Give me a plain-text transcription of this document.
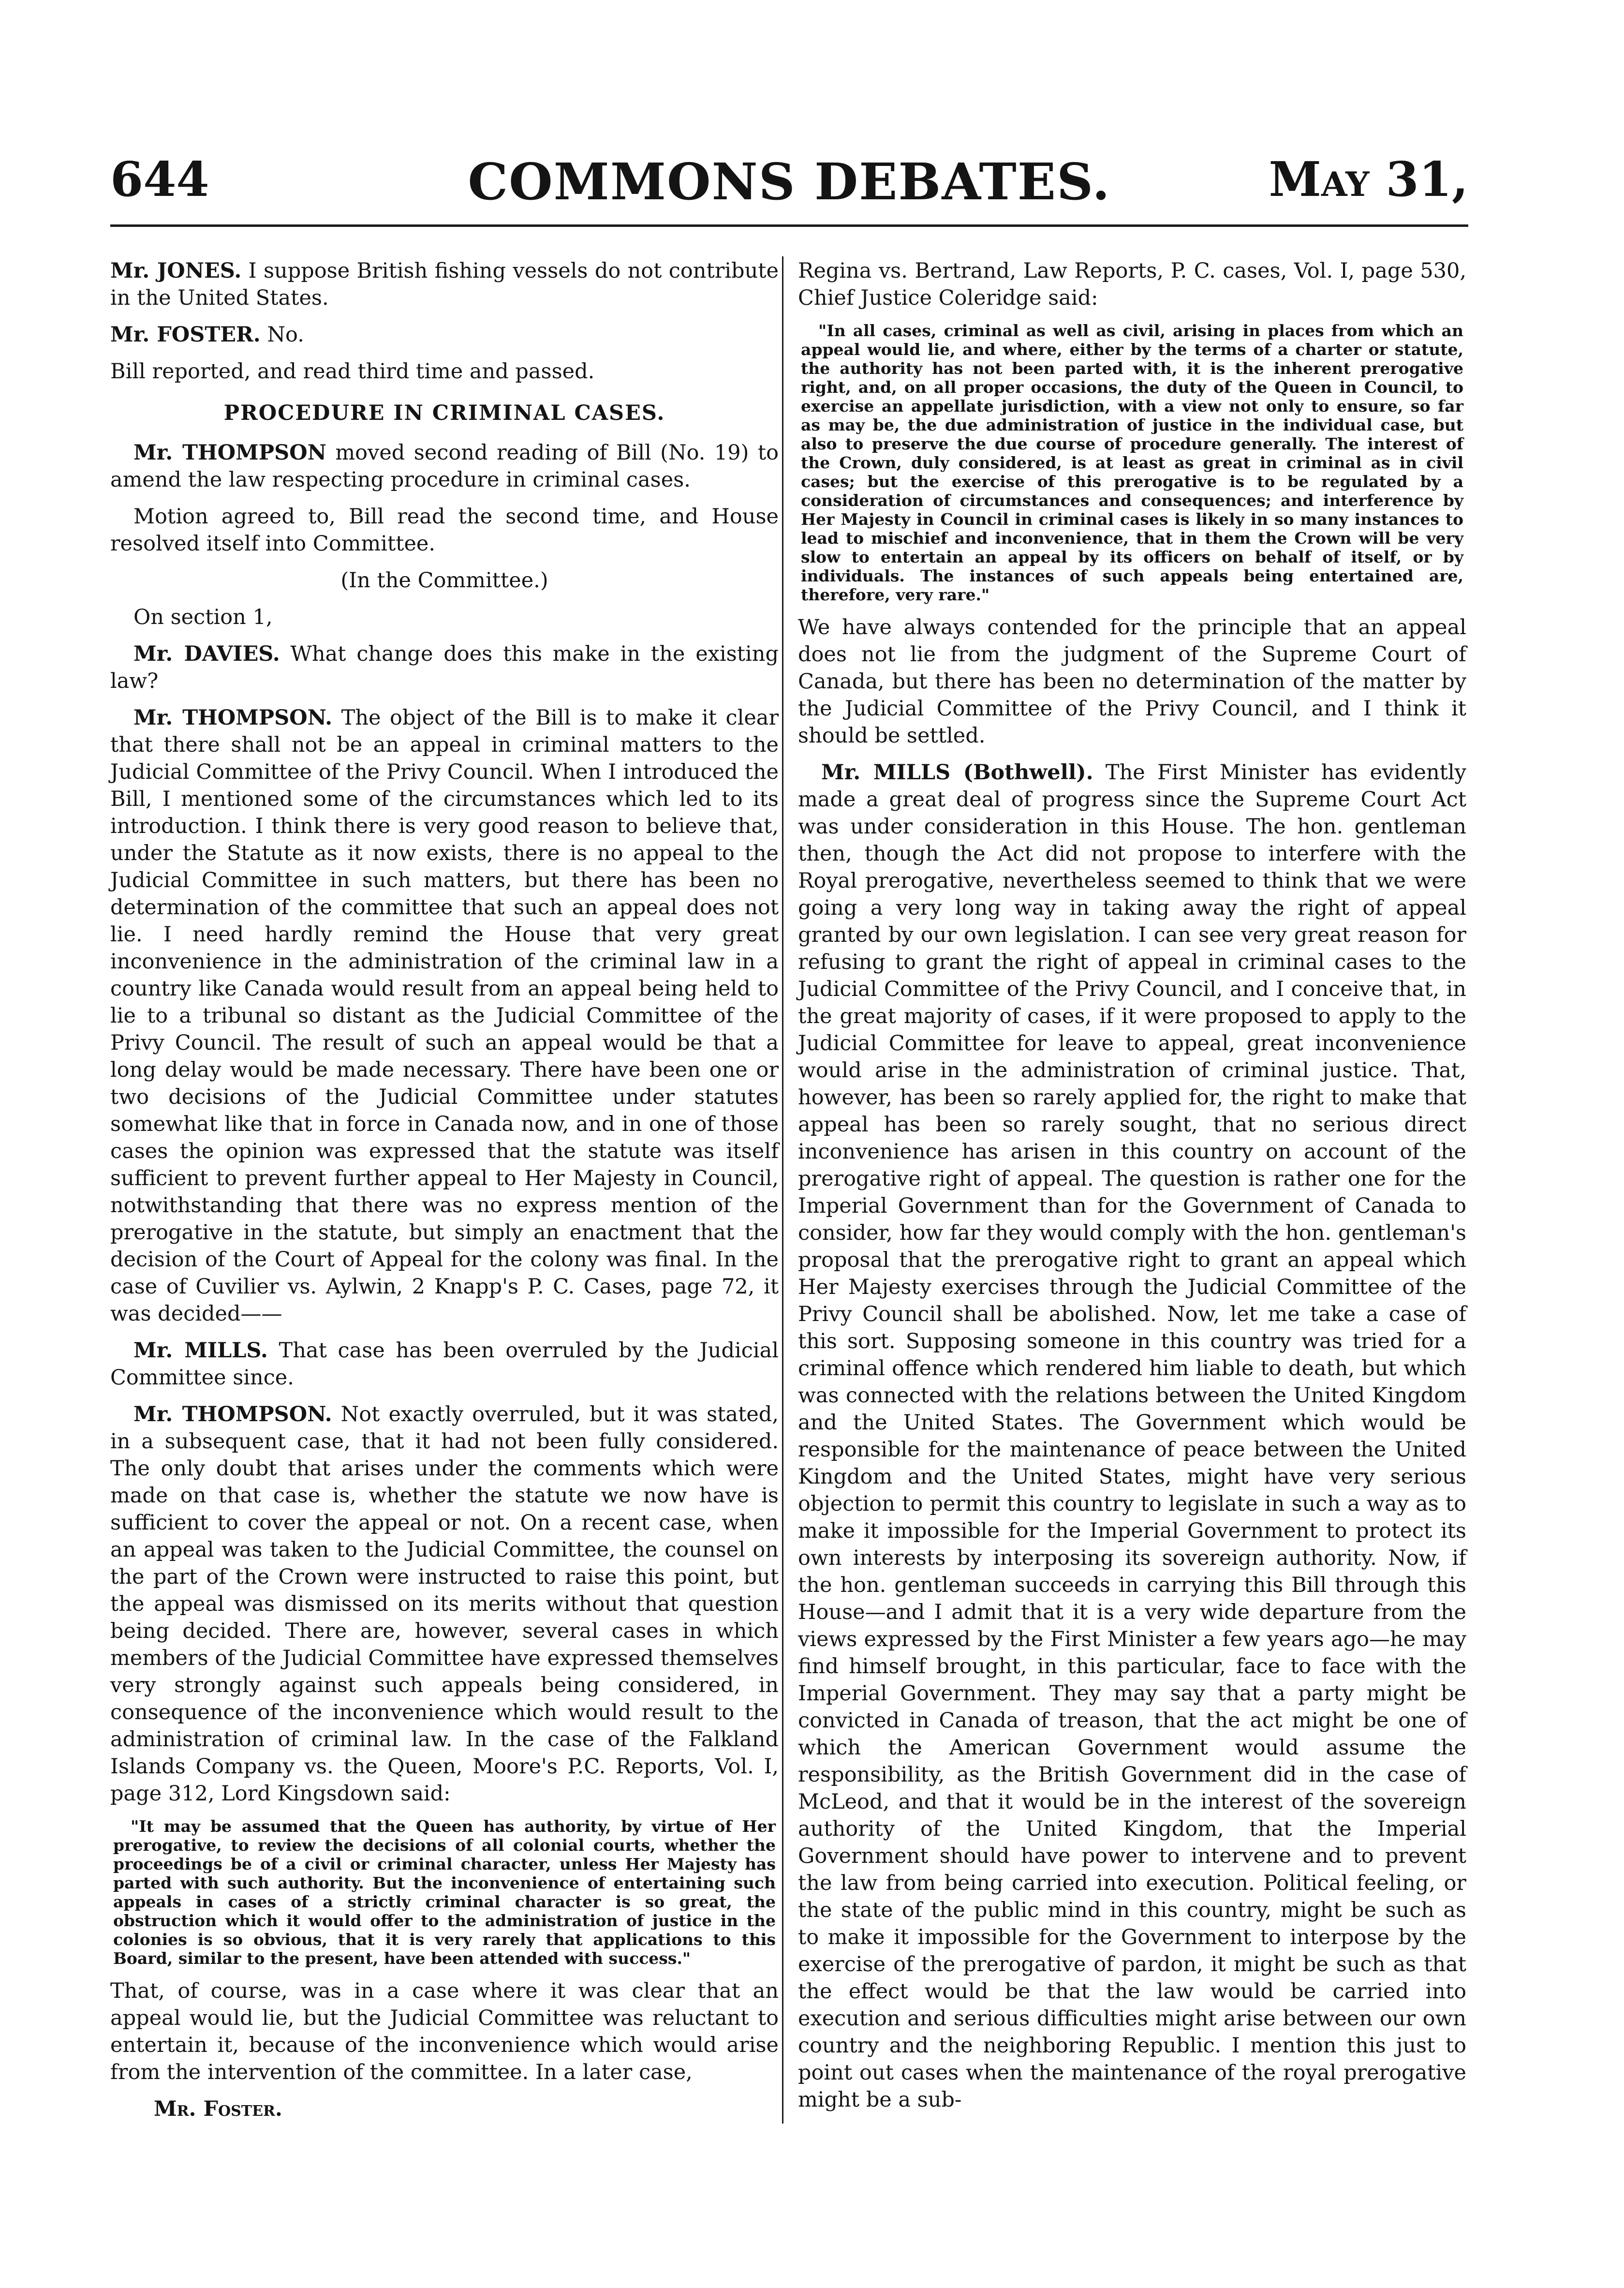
644	COMMONS DEBATES.	May 31,

Mr. JONES. I suppose British fishing vessels do not contribute in the United States.

Mr. FOSTER. No.

Bill reported, and read third time and passed.

PROCEDURE IN CRIMINAL CASES.

Mr. THOMPSON moved second reading of Bill (No. 19) to amend the law respecting procedure in criminal cases.

Motion agreed to, Bill read the second time, and House resolved itself into Committee.

(In the Committee.)

On section 1,

Mr. DAVIES. What change does this make in the existing law?

Mr. THOMPSON. The object of the Bill is to make it clear that there shall not be an appeal in criminal matters to the Judicial Committee of the Privy Council. When I introduced the Bill, I mentioned some of the circumstances which led to its introduction. I think there is very good reason to believe that, under the Statute as it now exists, there is no appeal to the Judicial Committee in such matters, but there has been no determination of the committee that such an appeal does not lie. I need hardly remind the House that very great inconvenience in the administration of the criminal law in a country like Canada would result from an appeal being held to lie to a tribunal so distant as the Judicial Committee of the Privy Council. The result of such an appeal would be that a long delay would be made necessary. There have been one or two decisions of the Judicial Committee under statutes somewhat like that in force in Canada now, and in one of those cases the opinion was expressed that the statute was itself sufficient to prevent further appeal to Her Majesty in Council, notwithstanding that there was no express mention of the prerogative in the statute, but simply an enactment that the decision of the Court of Appeal for the colony was final. In the case of Cuvilier vs. Aylwin, 2 Knapp's P. C. Cases, page 72, it was decided——

Mr. MILLS. That case has been overruled by the Judicial Committee since.

Mr. THOMPSON. Not exactly overruled, but it was stated, in a subsequent case, that it had not been fully considered. The only doubt that arises under the comments which were made on that case is, whether the statute we now have is sufficient to cover the appeal or not. On a recent case, when an appeal was taken to the Judicial Committee, the counsel on the part of the Crown were instructed to raise this point, but the appeal was dismissed on its merits without that question being decided. There are, however, several cases in which members of the Judicial Committee have expressed themselves very strongly against such appeals being considered, in consequence of the inconvenience which would result to the administration of criminal law. In the case of the Falkland Islands Company vs. the Queen, Moore's P.C. Reports, Vol. I, page 312, Lord Kingsdown said:

"It may be assumed that the Queen has authority, by virtue of Her prerogative, to review the decisions of all colonial courts, whether the proceedings be of a civil or criminal character, unless Her Majesty has parted with such authority. But the inconvenience of entertaining such appeals in cases of a strictly criminal character is so great, the obstruction which it would offer to the administration of justice in the colonies is so obvious, that it is very rarely that applications to this Board, similar to the present, have been attended with success."

That, of course, was in a case where it was clear that an appeal would lie, but the Judicial Committee was reluctant to entertain it, because of the inconvenience which would arise from the intervention of the committee. In a later case,

Mr. Foster.

Regina vs. Bertrand, Law Reports, P. C. cases, Vol. I, page 530, Chief Justice Coleridge said:

"In all cases, criminal as well as civil, arising in places from which an appeal would lie, and where, either by the terms of a charter or statute, the authority has not been parted with, it is the inherent prerogative right, and, on all proper occasions, the duty of the Queen in Council, to exercise an appellate jurisdiction, with a view not only to ensure, so far as may be, the due administration of justice in the individual case, but also to preserve the due course of procedure generally. The interest of the Crown, duly considered, is at least as great in criminal as in civil cases; but the exercise of this prerogative is to be regulated by a consideration of circumstances and consequences; and interference by Her Majesty in Council in criminal cases is likely in so many instances to lead to mischief and inconvenience, that in them the Crown will be very slow to entertain an appeal by its officers on behalf of itself, or by individuals. The instances of such appeals being entertained are, therefore, very rare."

We have always contended for the principle that an appeal does not lie from the judgment of the Supreme Court of Canada, but there has been no determination of the matter by the Judicial Committee of the Privy Council, and I think it should be settled.

Mr. MILLS (Bothwell). The First Minister has evidently made a great deal of progress since the Supreme Court Act was under consideration in this House. The hon. gentleman then, though the Act did not propose to interfere with the Royal prerogative, nevertheless seemed to think that we were going a very long way in taking away the right of appeal granted by our own legislation. I can see very great reason for refusing to grant the right of appeal in criminal cases to the Judicial Committee of the Privy Council, and I conceive that, in the great majority of cases, if it were proposed to apply to the Judicial Committee for leave to appeal, great inconvenience would arise in the administration of criminal justice. That, however, has been so rarely applied for, the right to make that appeal has been so rarely sought, that no serious direct inconvenience has arisen in this country on account of the prerogative right of appeal. The question is rather one for the Imperial Government than for the Government of Canada to consider, how far they would comply with the hon. gentleman's proposal that the prerogative right to grant an appeal which Her Majesty exercises through the Judicial Committee of the Privy Council shall be abolished. Now, let me take a case of this sort. Supposing someone in this country was tried for a criminal offence which rendered him liable to death, but which was connected with the relations between the United Kingdom and the United States. The Government which would be responsible for the maintenance of peace between the United Kingdom and the United States, might have very serious objection to permit this country to legislate in such a way as to make it impossible for the Imperial Government to protect its own interests by interposing its sovereign authority. Now, if the hon. gentleman succeeds in carrying this Bill through this House—and I admit that it is a very wide departure from the views expressed by the First Minister a few years ago—he may find himself brought, in this particular, face to face with the Imperial Government. They may say that a party might be convicted in Canada of treason, that the act might be one of which the American Government would assume the responsibility, as the British Government did in the case of McLeod, and that it would be in the interest of the sovereign authority of the United Kingdom, that the Imperial Government should have power to intervene and to prevent the law from being carried into execution. Political feeling, or the state of the public mind in this country, might be such as to make it impossible for the Government to interpose by the exercise of the prerogative of pardon, it might be such as that the effect would be that the law would be carried into execution and serious difficulties might arise between our own country and the neighboring Republic. I mention this just to point out cases when the maintenance of the royal prerogative might be a sub-
